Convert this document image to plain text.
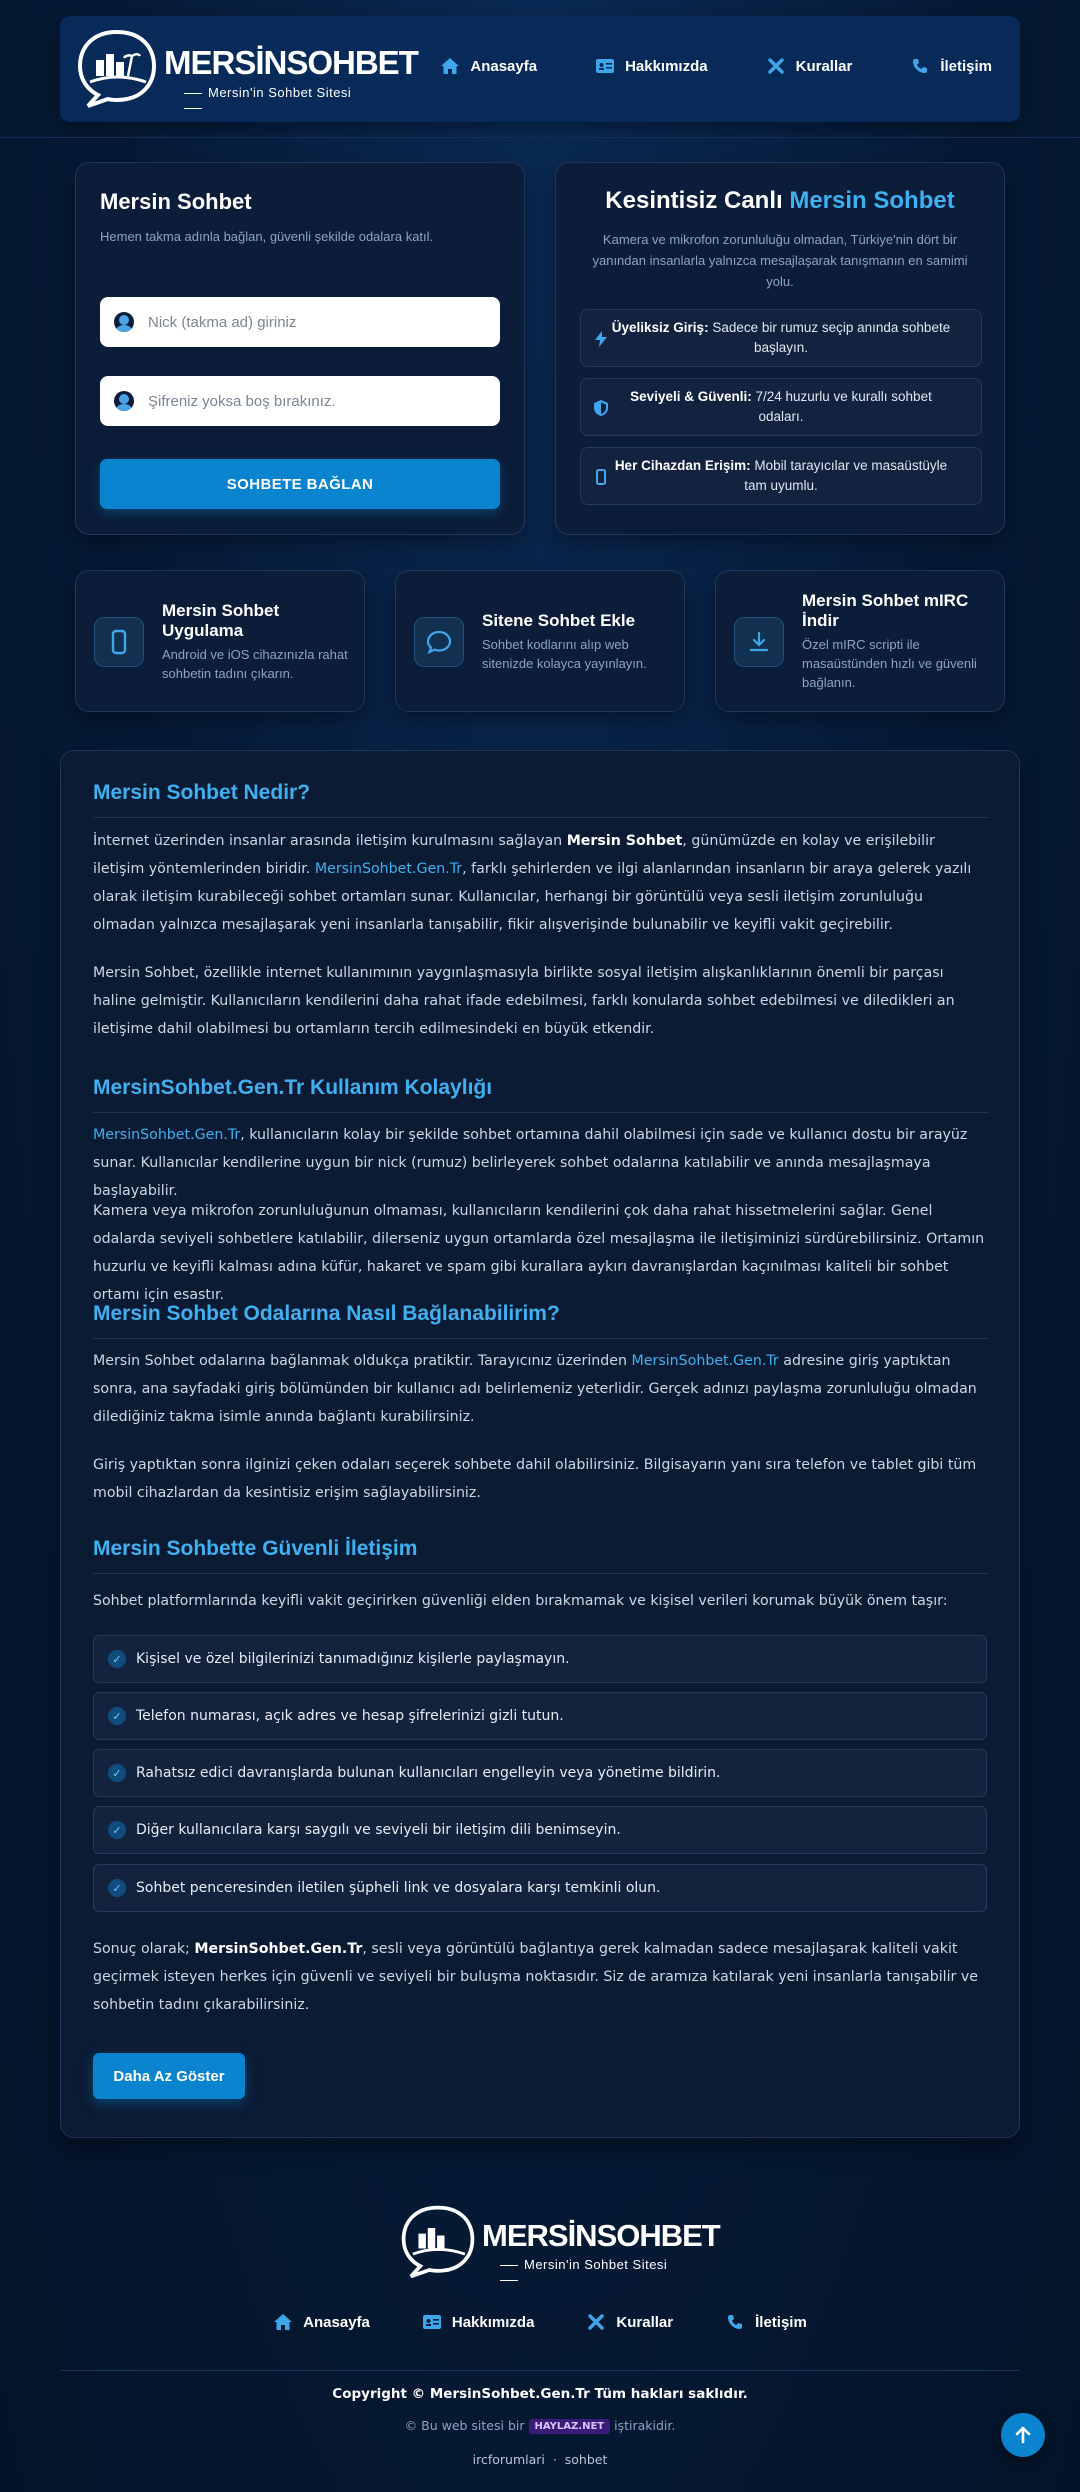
MERSİNSOHBET
Mersin'in Sohbet Sitesi
Anasayfa	Hakkımızda	Kurallar	İletişim
Mersin Sohbet

Hemen takma adınla bağlan, güvenli şekilde odalara katıl.

Nick (takma ad) giriniz
Şifreniz yoksa boş bırakınız.
SOHBETE BAĞLAN
Kesintisiz Canlı Mersin Sohbet
Kamera ve mikrofon zorunluluğu olmadan, Türkiye'nin dört bir yanından insanlarla yalnızca mesajlaşarak tanışmanın en samimi yolu.
Üyeliksiz Giriş: Sadece bir rumuz seçip anında sohbete başlayın.
Seviyeli & Güvenli: 7/24 huzurlu ve kurallı sohbet odaları.
Her Cihazdan Erişim: Mobil tarayıcılar ve masaüstüyle tam uyumlu.
Mersin Sohbet Uygulama

Android ve iOS cihazınızla rahat sohbetin tadını çıkarın.

Sitene Sohbet Ekle

Sohbet kodlarını alıp web sitenizde kolayca yayınlayın.

Mersin Sohbet mIRC İndir

Özel mIRC scripti ile masaüstünden hızlı ve güvenli bağlanın.

Mersin Sohbet Nedir?
İnternet üzerinden insanlar arasında iletişim kurulmasını sağlayan Mersin Sohbet, günümüzde en kolay ve erişilebilir iletişim yöntemlerinden biridir. MersinSohbet.Gen.Tr, farklı şehirlerden ve ilgi alanlarından insanların bir araya gelerek yazılı olarak iletişim kurabileceği sohbet ortamları sunar. Kullanıcılar, herhangi bir görüntülü veya sesli iletişim zorunluluğu olmadan yalnızca mesajlaşarak yeni insanlarla tanışabilir, fikir alışverişinde bulunabilir ve keyifli vakit geçirebilir.
Mersin Sohbet, özellikle internet kullanımının yaygınlaşmasıyla birlikte sosyal iletişim alışkanlıklarının önemli bir parçası haline gelmiştir. Kullanıcıların kendilerini daha rahat ifade edebilmesi, farklı konularda sohbet edebilmesi ve diledikleri an iletişime dahil olabilmesi bu ortamların tercih edilmesindeki en büyük etkendir.
MersinSohbet.Gen.Tr Kullanım Kolaylığı
MersinSohbet.Gen.Tr, kullanıcıların kolay bir şekilde sohbet ortamına dahil olabilmesi için sade ve kullanıcı dostu bir arayüz sunar. Kullanıcılar kendilerine uygun bir nick (rumuz) belirleyerek sohbet odalarına katılabilir ve anında mesajlaşmaya başlayabilir.
Kamera veya mikrofon zorunluluğunun olmaması, kullanıcıların kendilerini çok daha rahat hissetmelerini sağlar. Genel odalarda seviyeli sohbetlere katılabilir, dilerseniz uygun ortamlarda özel mesajlaşma ile iletişiminizi sürdürebilirsiniz. Ortamın huzurlu ve keyifli kalması adına küfür, hakaret ve spam gibi kurallara aykırı davranışlardan kaçınılması kaliteli bir sohbet ortamı için esastır.
Mersin Sohbet Odalarına Nasıl Bağlanabilirim?
Mersin Sohbet odalarına bağlanmak oldukça pratiktir. Tarayıcınız üzerinden MersinSohbet.Gen.Tr adresine giriş yaptıktan sonra, ana sayfadaki giriş bölümünden bir kullanıcı adı belirlemeniz yeterlidir. Gerçek adınızı paylaşma zorunluluğu olmadan dilediğiniz takma isimle anında bağlantı kurabilirsiniz.
Giriş yaptıktan sonra ilginizi çeken odaları seçerek sohbete dahil olabilirsiniz. Bilgisayarın yanı sıra telefon ve tablet gibi tüm mobil cihazlardan da kesintisiz erişim sağlayabilirsiniz.
Mersin Sohbette Güvenli İletişim
Sohbet platformlarında keyifli vakit geçirirken güvenliği elden bırakmamak ve kişisel verileri korumak büyük önem taşır:
✓	Kişisel ve özel bilgilerinizi tanımadığınız kişilerle paylaşmayın.
✓	Telefon numarası, açık adres ve hesap şifrelerinizi gizli tutun.
✓	Rahatsız edici davranışlarda bulunan kullanıcıları engelleyin veya yönetime bildirin.
✓	Diğer kullanıcılara karşı saygılı ve seviyeli bir iletişim dili benimseyin.
✓	Sohbet penceresinden iletilen şüpheli link ve dosyalara karşı temkinli olun.
Sonuç olarak; MersinSohbet.Gen.Tr, sesli veya görüntülü bağlantıya gerek kalmadan sadece mesajlaşarak kaliteli vakit geçirmek isteyen herkes için güvenli ve seviyeli bir buluşma noktasıdır. Siz de aramıza katılarak yeni insanlarla tanışabilir ve sohbetin tadını çıkarabilirsiniz.
Daha Az Göster
MERSİNSOHBET
Mersin'in Sohbet Sitesi
Anasayfa	Hakkımızda	Kurallar	İletişim
Copyright © MersinSohbet.Gen.Tr Tüm hakları saklıdır.
© Bu web sitesi bir HAYLAZ.NET iştirakidir.
ircforumlari · sohbet
